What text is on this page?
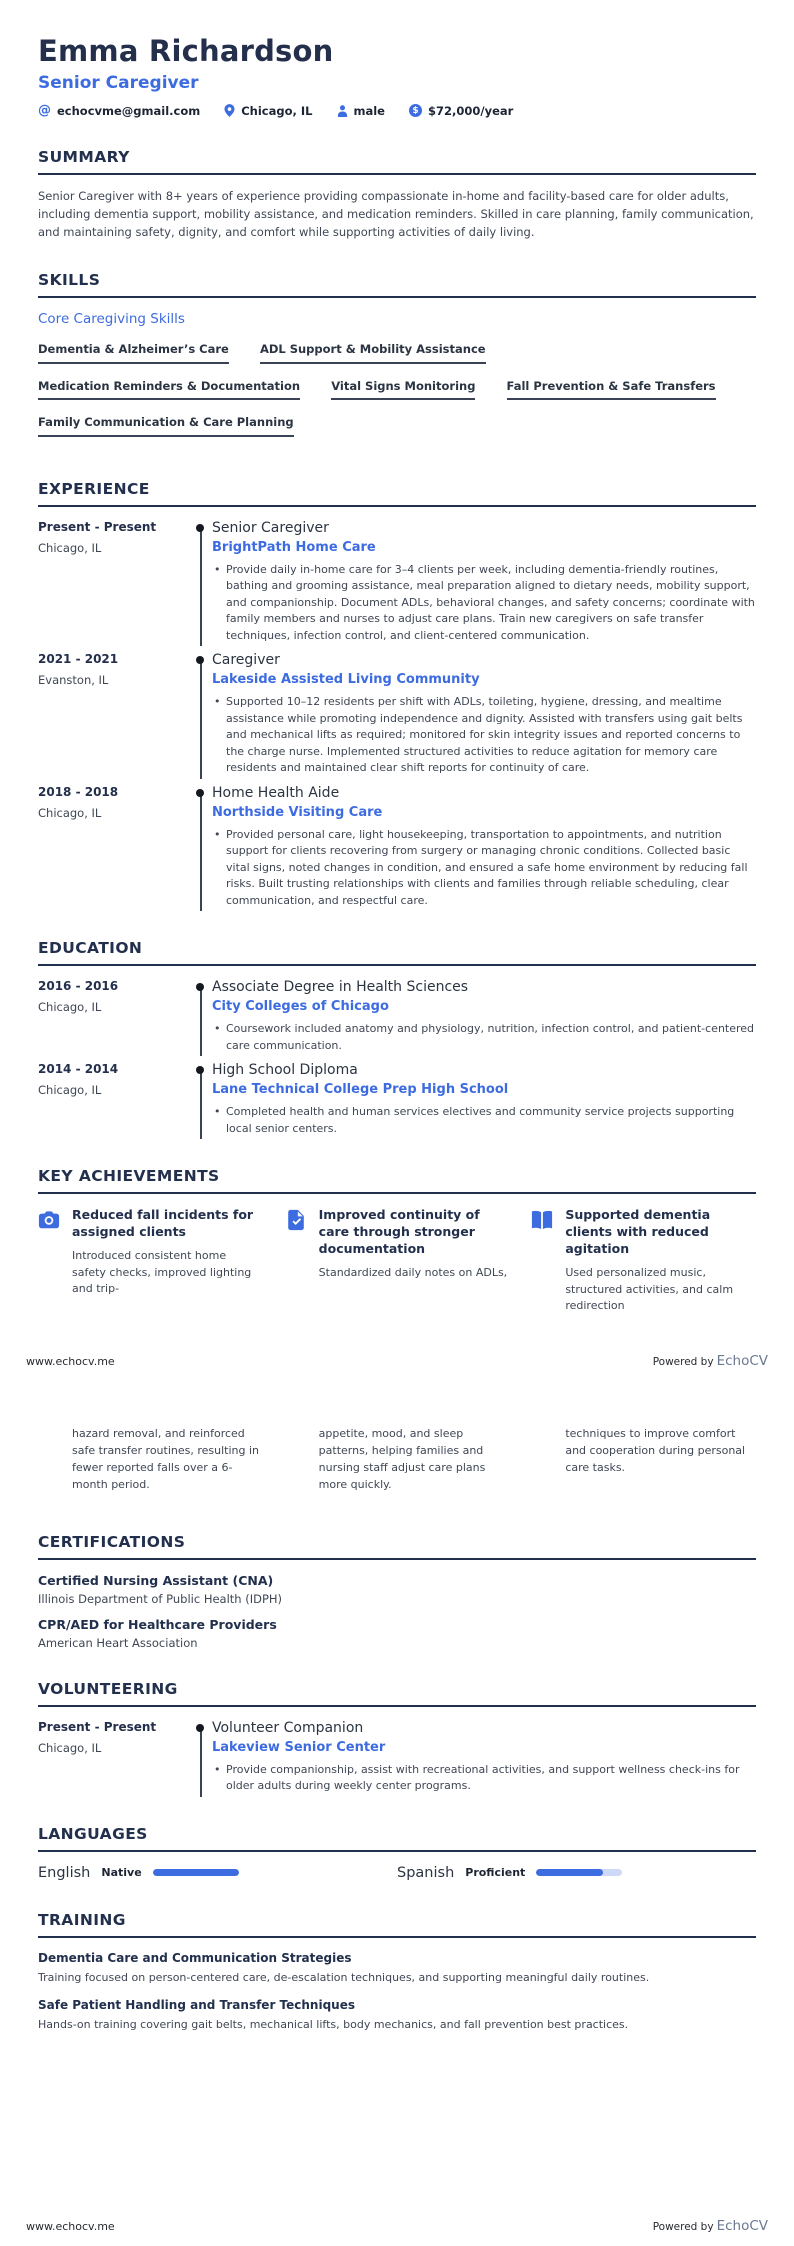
Emma Richardson
Senior Caregiver
@ echocvme@gmail.com	Chicago, IL	male	$ $72,000/year
SUMMARY
Senior Caregiver with 8+ years of experience providing compassionate in-home and facility-based care for older adults, including dementia support, mobility assistance, and medication reminders. Skilled in care planning, family communication, and maintaining safety, dignity, and comfort while supporting activities of daily living.
SKILLS
Core Caregiving Skills
Dementia & Alzheimer’s Care	ADL Support & Mobility Assistance Medication Reminders & Documentation	Vital Signs Monitoring	Fall Prevention & Safe Transfers Family Communication & Care Planning
EXPERIENCE
Present - Present
Chicago, IL
Senior Caregiver
BrightPath Home Care
• Provide daily in-home care for 3–4 clients per week, including dementia-friendly routines, bathing and grooming assistance, meal preparation aligned to dietary needs, mobility support, and companionship. Document ADLs, behavioral changes, and safety concerns; coordinate with family members and nurses to adjust care plans. Train new caregivers on safe transfer techniques, infection control, and client-centered communication.
2021 - 2021
Evanston, IL
Caregiver
Lakeside Assisted Living Community
• Supported 10–12 residents per shift with ADLs, toileting, hygiene, dressing, and mealtime assistance while promoting independence and dignity. Assisted with transfers using gait belts and mechanical lifts as required; monitored for skin integrity issues and reported concerns to the charge nurse. Implemented structured activities to reduce agitation for memory care residents and maintained clear shift reports for continuity of care.
2018 - 2018
Chicago, IL
Home Health Aide
Northside Visiting Care
• Provided personal care, light housekeeping, transportation to appointments, and nutrition support for clients recovering from surgery or managing chronic conditions. Collected basic vital signs, noted changes in condition, and ensured a safe home environment by reducing fall risks. Built trusting relationships with clients and families through reliable scheduling, clear communication, and respectful care.
EDUCATION
2016 - 2016
Chicago, IL
Associate Degree in Health Sciences
City Colleges of Chicago
• Coursework included anatomy and physiology, nutrition, infection control, and patient-centered care communication.
2014 - 2014
Chicago, IL
High School Diploma
Lane Technical College Prep High School
• Completed health and human services electives and community service projects supporting local senior centers.
KEY ACHIEVEMENTS
Reduced fall incidents for assigned clients
Introduced consistent home safety checks, improved lighting and trip-
Improved continuity of care through stronger documentation
Standardized daily notes on ADLs,
Supported dementia clients with reduced agitation
Used personalized music, structured activities, and calm redirection
www.echocv.me	Powered by EchoCV
hazard removal, and reinforced safe transfer routines, resulting in fewer reported falls over a 6-month period.
appetite, mood, and sleep patterns, helping families and nursing staff adjust care plans more quickly.
techniques to improve comfort and cooperation during personal care tasks.
CERTIFICATIONS
Certified Nursing Assistant (CNA)
Illinois Department of Public Health (IDPH)
CPR/AED for Healthcare Providers
American Heart Association
VOLUNTEERING
Present - Present
Chicago, IL
Volunteer Companion
Lakeview Senior Center
• Provide companionship, assist with recreational activities, and support wellness check-ins for older adults during weekly center programs.
LANGUAGES
English Native	Spanish Proficient
TRAINING
Dementia Care and Communication Strategies
Training focused on person-centered care, de-escalation techniques, and supporting meaningful daily routines.
Safe Patient Handling and Transfer Techniques
Hands-on training covering gait belts, mechanical lifts, body mechanics, and fall prevention best practices.
www.echocv.me	Powered by EchoCV
